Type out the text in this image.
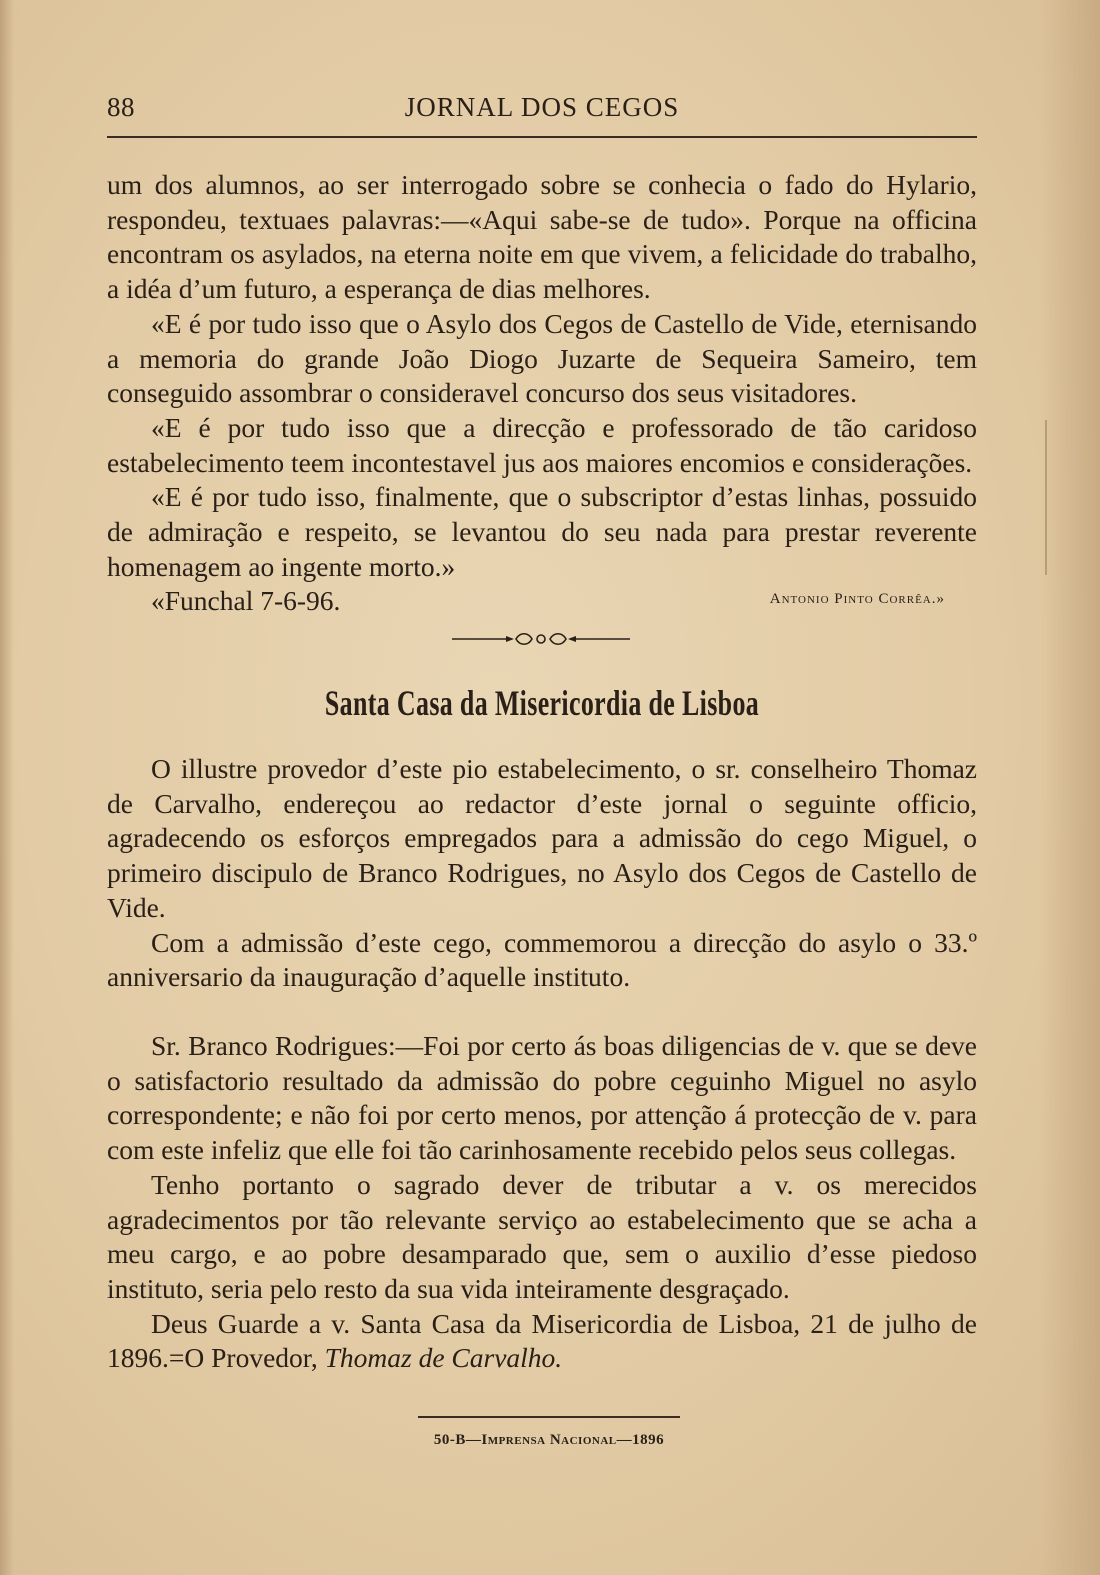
88	JORNAL DOS CEGOS

um dos alumnos, ao ser interrogado sobre se conhecia o fado do Hylario, respondeu, textuaes palavras:—«Aqui sabe-se de tudo». Porque na officina encontram os asylados, na eterna noite em que vivem, a felicidade do trabalho, a idéa d’um futuro, a esperança de dias melhores.

«E é por tudo isso que o Asylo dos Cegos de Castello de Vide, eternisando a memoria do grande João Diogo Juzarte de Sequeira Sameiro, tem conseguido assombrar o consideravel concurso dos seus visitadores.

«E é por tudo isso que a direcção e professorado de tão caridoso estabelecimento teem incontestavel jus aos maiores encomios e considerações.

«E é por tudo isso, finalmente, que o subscriptor d’estas linhas, possuido de admiração e respeito, se levantou do seu nada para prestar reverente homenagem ao ingente morto.»

«Funchal 7-6-96.	Antonio Pinto Corrêa.»
Santa Casa da Misericordia de Lisboa

O illustre provedor d’este pio estabelecimento, o sr. conselheiro Thomaz de Carvalho, endereçou ao redactor d’este jornal o seguinte officio, agradecendo os esforços empregados para a admissão do cego Miguel, o primeiro discipulo de Branco Rodrigues, no Asylo dos Cegos de Castello de Vide.

Com a admissão d’este cego, commemorou a direcção do asylo o 33.º anniversario da inauguração d’aquelle instituto.

Sr. Branco Rodrigues:—Foi por certo ás boas diligencias de v. que se deve o satisfactorio resultado da admissão do pobre ceguinho Miguel no asylo correspondente; e não foi por certo menos, por attenção á protecção de v. para com este infeliz que elle foi tão carinhosamente recebido pelos seus collegas.

Tenho portanto o sagrado dever de tributar a v. os merecidos agradecimentos por tão relevante serviço ao estabelecimento que se acha a meu cargo, e ao pobre desamparado que, sem o auxilio d’esse piedoso instituto, seria pelo resto da sua vida inteiramente desgraçado.

Deus Guarde a v. Santa Casa da Misericordia de Lisboa, 21 de julho de 1896.=O Provedor, Thomaz de Carvalho.

50-B—Imprensa Nacional—1896
